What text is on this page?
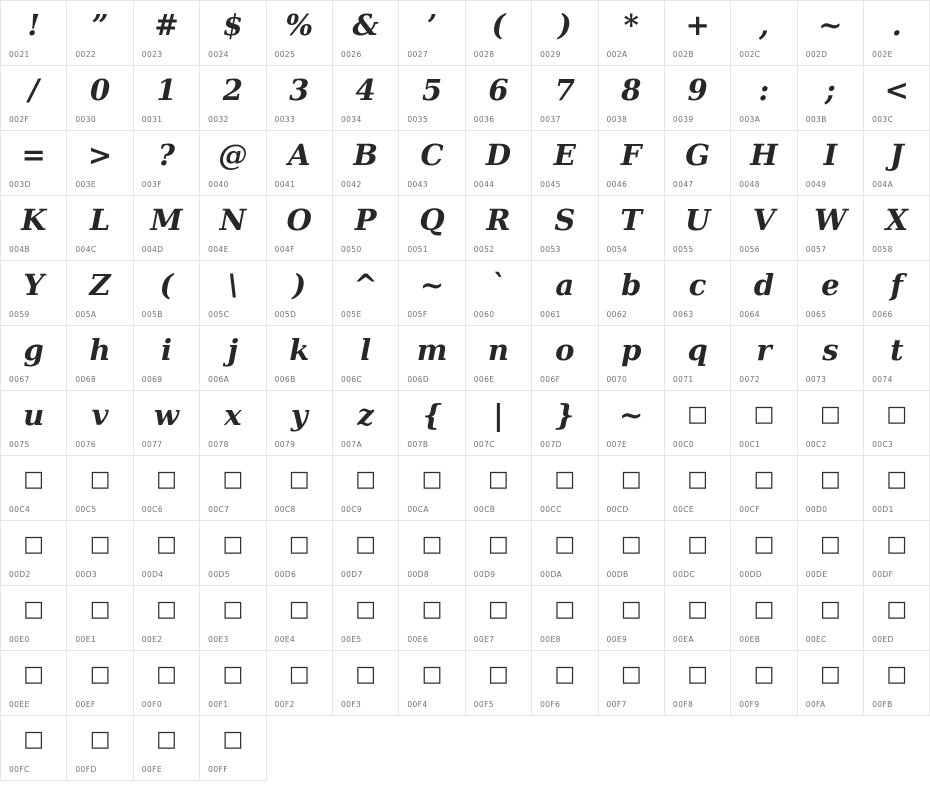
!
0021
”
0022
#
0023
$
0024
%
0025
&
0026
’
0027
(
0028
)
0029
*
002A
+
002B
,
002C
~
002D
.
002E
/
002F
0
0030
1
0031
2
0032
3
0033
4
0034
5
0035
6
0036
7
0037
8
0038
9
0039
:
003A
;
003B
<
003C
=
003D
>
003E
?
003F
@
0040
A
0041
B
0042
C
0043
D
0044
E
0045
F
0046
G
0047
H
0048
I
0049
J
004A
K
004B
L
004C
M
004D
N
004E
O
004F
P
0050
Q
0051
R
0052
S
0053
T
0054
U
0055
V
0056
W
0057
X
0058
Y
0059
Z
005A
(
005B
\
005C
)
005D
^
005E
~
005F
`
0060
a
0061
b
0062
c
0063
d
0064
e
0065
f
0066
g
0067
h
0068
i
0069
j
006A
k
006B
l
006C
m
006D
n
006E
o
006F
p
0070
q
0071
r
0072
s
0073
t
0074
u
0075
v
0076
w
0077
x
0078
y
0079
z
007A
{
007B
|
007C
}
007D
~
007E
□
00C0
□
00C1
□
00C2
□
00C3
□
00C4
□
00C5
□
00C6
□
00C7
□
00C8
□
00C9
□
00CA
□
00CB
□
00CC
□
00CD
□
00CE
□
00CF
□
00D0
□
00D1
□
00D2
□
00D3
□
00D4
□
00D5
□
00D6
□
00D7
□
00D8
□
00D9
□
00DA
□
00DB
□
00DC
□
00DD
□
00DE
□
00DF
□
00E0
□
00E1
□
00E2
□
00E3
□
00E4
□
00E5
□
00E6
□
00E7
□
00E8
□
00E9
□
00EA
□
00EB
□
00EC
□
00ED
□
00EE
□
00EF
□
00F0
□
00F1
□
00F2
□
00F3
□
00F4
□
00F5
□
00F6
□
00F7
□
00F8
□
00F9
□
00FA
□
00FB
□
00FC
□
00FD
□
00FE
□
00FF
